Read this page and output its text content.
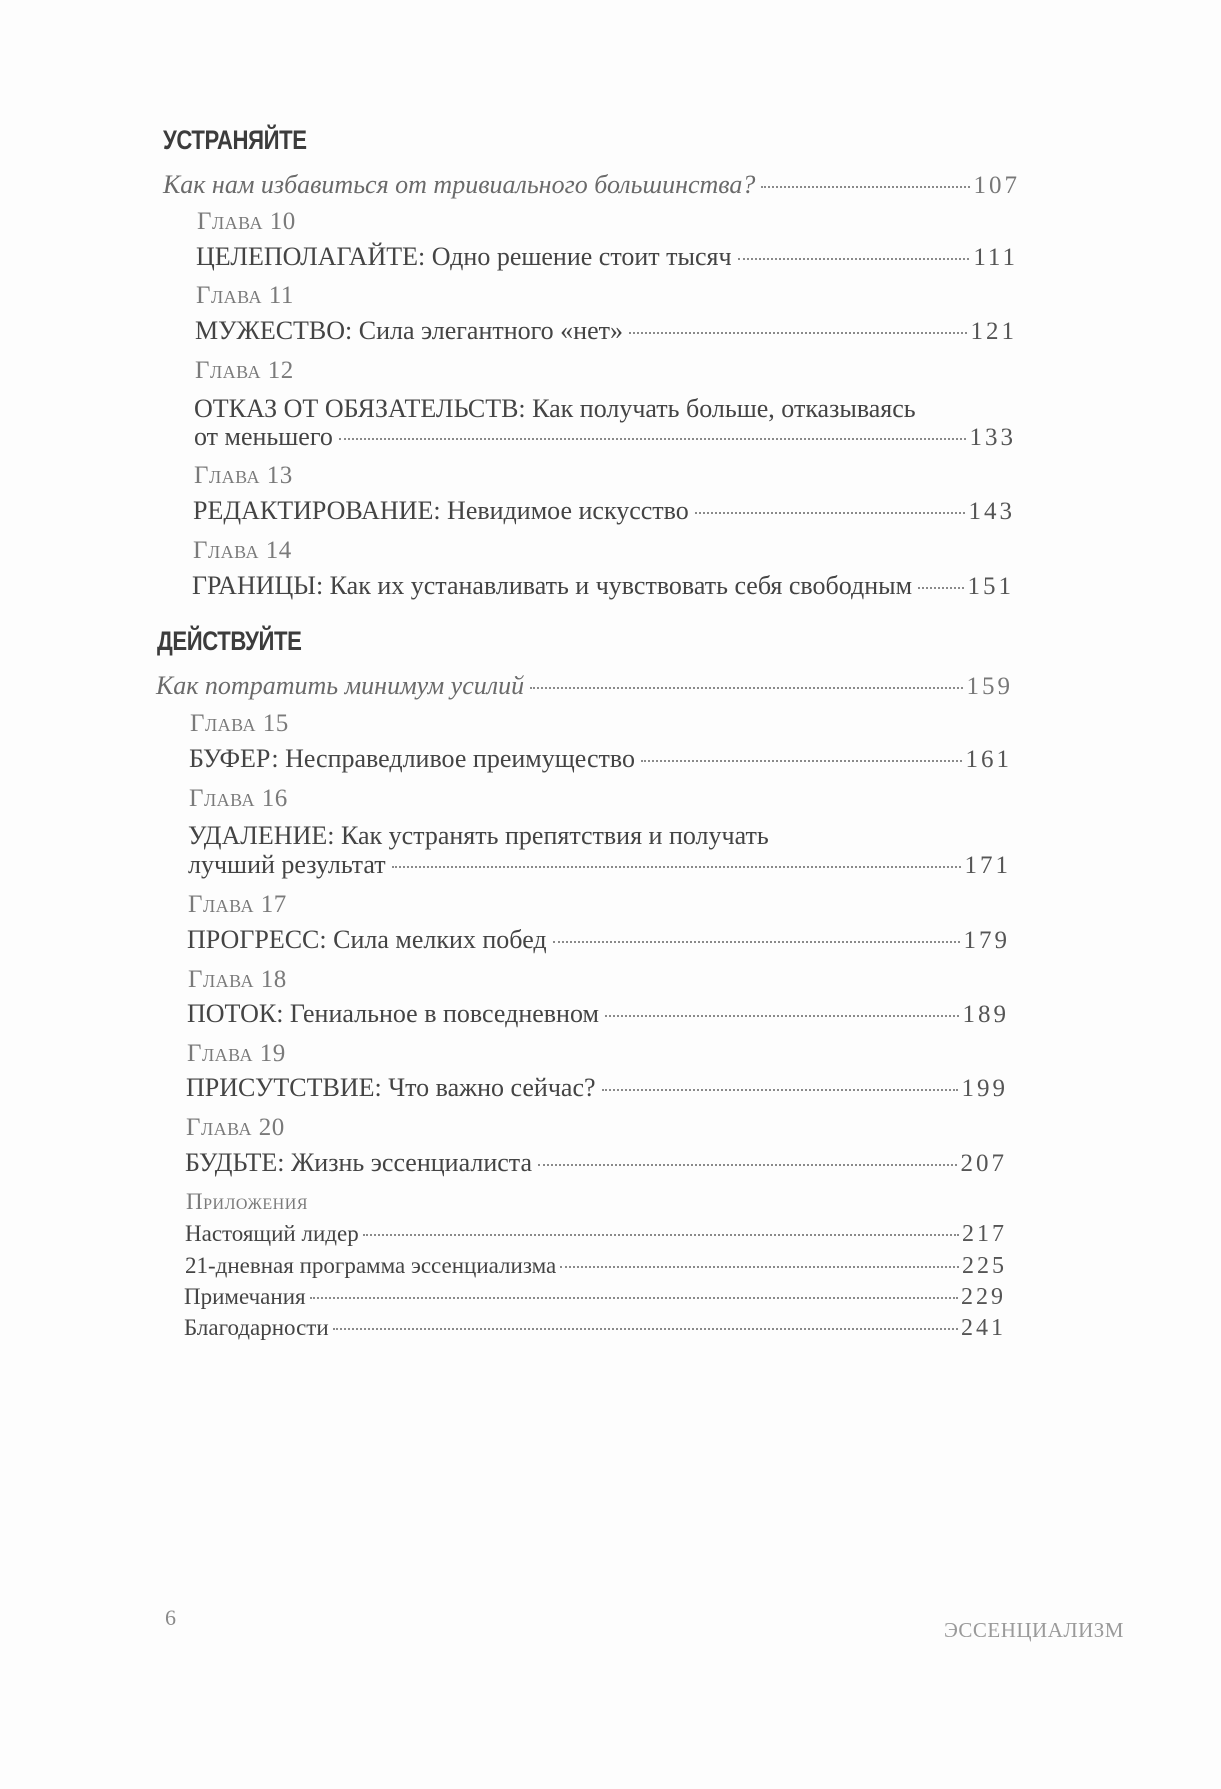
УСТРАНЯЙТЕ
Как нам избавиться от тривиального большинства?	107
Глава 10
ЦЕЛЕПОЛАГАЙТЕ: Одно решение стоит тысяч	111
Глава 11
МУЖЕСТВО: Сила элегантного «нет»	121
Глава 12
ОТКАЗ ОТ ОБЯЗАТЕЛЬСТВ: Как получать больше, отказываясь
от меньшего	133
Глава 13
РЕДАКТИРОВАНИЕ: Невидимое искусство	143
Глава 14
ГРАНИЦЫ: Как их устанавливать и чувствовать себя свободным 151
ДЕЙСТВУЙТЕ
Как потратить минимум усилий	159
Глава 15
БУФЕР: Несправедливое преимущество	161
Глава 16
УДАЛЕНИЕ: Как устранять препятствия и получать
лучший результат	171
Глава 17
ПРОГРЕСС: Сила мелких побед	179
Глава 18
ПОТОК: Гениальное в повседневном	189
Глава 19
ПРИСУТСТВИЕ: Что важно сейчас?	199
Глава 20
БУДЬТЕ: Жизнь эссенциалиста	207
Приложения
Настоящий лидер	217
21-дневная программа эссенциализма	225
Примечания	229
Благодарности	241
6	ЭССЕНЦИАЛИЗМ
